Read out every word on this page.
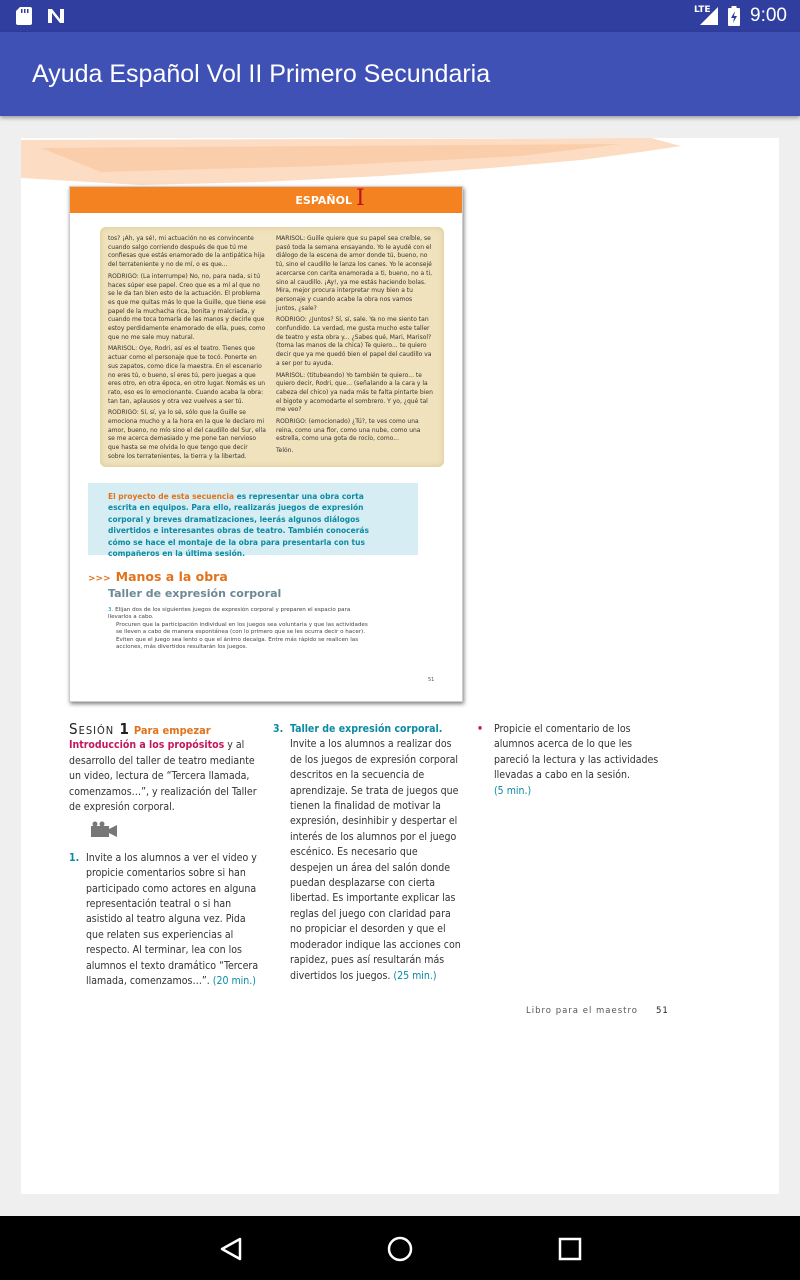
LTE 9:00
Ayuda Español Vol II Primero Secundaria
ESPAÑOL I

tos? ¡Ah, ya sé!, mi actuación no es convincente cuando salgo corriendo después de que tú me confiesas que estás enamorado de la antipática hija del terrateniente y no de mí, o es que...

RODRIGO: (La interrumpe) No, no, para nada, si tú haces súper ese papel. Creo que es a mí al que no se le da tan bien esto de la actuación. El problema es que me quitas más lo que la Guille, que tiene ese papel de la muchacha rica, bonita y malcriada, y cuando me toca tomarla de las manos y decirle que estoy perdidamente enamorado de ella, pues, como que no me sale muy natural.

MARISOL: Oye, Rodri, así es el teatro. Tienes que actuar como el personaje que te tocó. Ponerte en sus zapatos, como dice la maestra. En el escenario no eres tú, o bueno, sí eres tú, pero juegas a que eres otro, en otra época, en otro lugar. Nomás es un rato, eso es lo emocionante. Cuando acaba la obra: tan tan, aplausos y otra vez vuelves a ser tú.

RODRIGO: Sí, sí, ya lo sé, sólo que la Guille se emociona mucho y a la hora en la que le declaro mi amor, bueno, no mío sino el del caudillo del Sur, ella se me acerca demasiado y me pone tan nervioso que hasta se me olvida lo que tengo que decir sobre los terratenientes, la tierra y la libertad.

MARISOL: Guille quiere que su papel sea creíble, se pasó toda la semana ensayando. Yo le ayudé con el diálogo de la escena de amor donde tú, bueno, no tú, sino el caudillo le lanza los canes. Yo le aconsejé acercarse con carita enamorada a ti, bueno, no a ti, sino al caudillo. ¡Ay!, ya me estás haciendo bolas. Mira, mejor procura interpretar muy bien a tu personaje y cuando acabe la obra nos vamos juntos, ¿sale?

RODRIGO: ¿Juntos? Sí, sí, sale. Ya no me siento tan confundido. La verdad, me gusta mucho este taller de teatro y esta obra y... ¿Sabes qué, Mari, Marisol? (toma las manos de la chica) Te quiero... te quiero decir que ya me quedó bien el papel del caudillo va a ser por tu ayuda.

MARISOL: (titubeando) Yo también te quiero... te quiero decir, Rodri, que... (señalando a la cara y la cabeza del chico) ya nada más te falta pintarte bien el bigote y acomodarte el sombrero. Y yo, ¿qué tal me veo?

RODRIGO: (emocionado) ¿Tú?, te ves como una reina, como una flor, como una nube, como una estrella, como una gota de rocío, como...

Telón.

El proyecto de esta secuencia es representar una obra corta escrita en equipos. Para ello, realizarás juegos de expresión corporal y breves dramatizaciones, leerás algunos diálogos divertidos e interesantes obras de teatro. También conocerás cómo se hace el montaje de la obra para presentarla con tus compañeros en la última sesión.
>>> Manos a la obra
Taller de expresión corporal
3. Elijan dos de los siguientes juegos de expresión corporal y preparen el espacio para llevarlos a cabo.

Procuren que la participación individual en los juegos sea voluntaria y que las actividades se lleven a cabo de manera espontánea (con lo primero que se les ocurra decir o hacer). Eviten que el juego sea lento o que el ánimo decaiga. Entre más rápido se realicen las acciones, más divertidos resultarán los juegos.

51
Sesión 1 Para empezar
Introducción a los propósitos y al desarrollo del taller de teatro mediante un video, lectura de “Tercera llamada, comenzamos…”, y realización del Taller de expresión corporal.
1. Invite a los alumnos a ver el video y propicie comentarios sobre si han participado como actores en alguna representación teatral o si han asistido al teatro alguna vez. Pida que relaten sus experiencias al respecto. Al terminar, lea con los alumnos el texto dramático “Tercera llamada, comenzamos…”. (20 min.)
3. Taller de expresión corporal.
Invite a los alumnos a realizar dos de los juegos de expresión corporal descritos en la secuencia de aprendizaje. Se trata de juegos que tienen la finalidad de motivar la expresión, desinhibir y despertar el interés de los alumnos por el juego escénico. Es necesario que despejen un área del salón donde puedan desplazarse con cierta libertad. Es importante explicar las reglas del juego con claridad para no propiciar el desorden y que el moderador indique las acciones con rapidez, pues así resultarán más divertidos los juegos. (25 min.)
• Propicie el comentario de los alumnos acerca de lo que les pareció la lectura y las actividades llevadas a cabo en la sesión.
(5 min.)
Libro para el maestro 51
